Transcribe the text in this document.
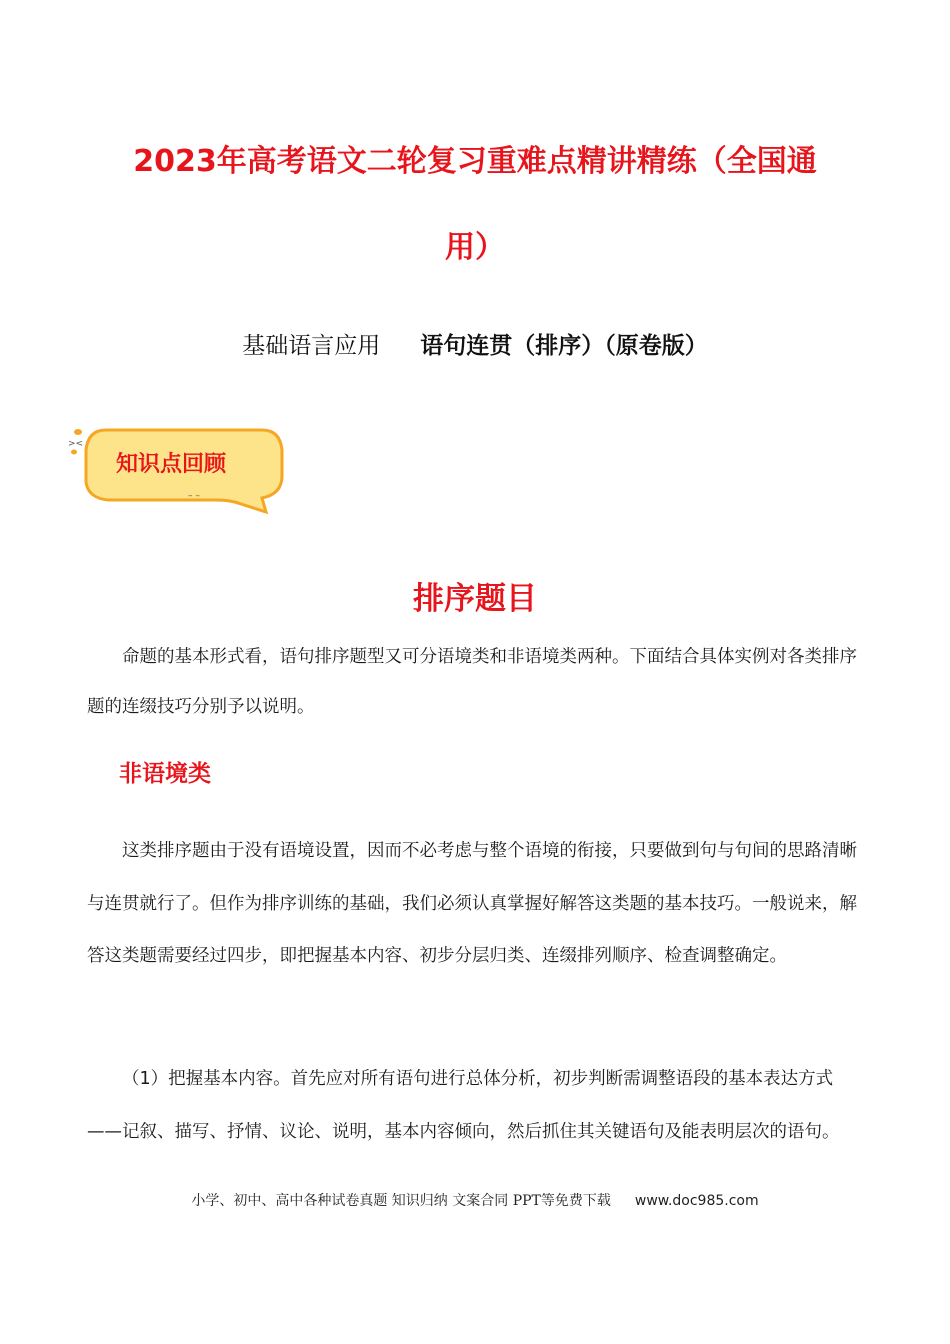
2023年高考语文二轮复习重难点精讲精练（全国通
用）
基础语言应用 语句连贯（排序）（原卷版）
><
– –
知识点回顾
排序题目

命题的基本形式看，语句排序题型又可分语境类和非语境类两种。下面结合具体实例对各类排序题的连缀技巧分别予以说明。

非语境类

这类排序题由于没有语境设置，因而不必考虑与整个语境的衔接，只要做到句与句间的思路清晰与连贯就行了。但作为排序训练的基础，我们必须认真掌握好解答这类题的基本技巧。一般说来，解答这类题需要经过四步，即把握基本内容、初步分层归类、连缀排列顺序、检查调整确定。

（1）把握基本内容。首先应对所有语句进行总体分析，初步判断需调整语段的基本表达方式——记叙、描写、抒情、议论、说明，基本内容倾向，然后抓住其关键语句及能表明层次的语句。

小学、初中、高中各种试卷真题 知识归纳 文案合同 PPT等免费下载 www.doc985.com
